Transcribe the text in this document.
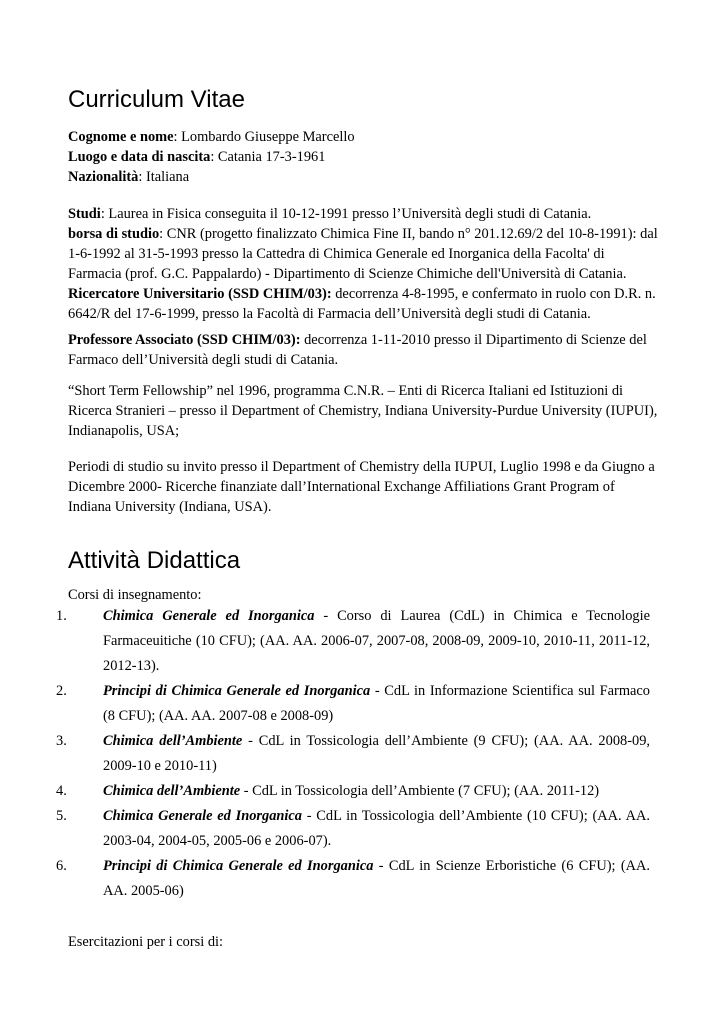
Curriculum Vitae

Cognome e nome: Lombardo Giuseppe Marcello

Luogo e data di nascita: Catania 17-3-1961

Nazionalità: Italiana

Studi: Laurea in Fisica conseguita il 10-12-1991 presso l’Università degli studi di Catania.

borsa di studio: CNR (progetto finalizzato Chimica Fine II, bando n° 201.12.69/2 del 10-8-1991): dal 1-6-1992 al 31-5-1993 presso la Cattedra di Chimica Generale ed Inorganica della Facolta' di Farmacia (prof. G.C. Pappalardo) - Dipartimento di Scienze Chimiche dell'Università di Catania.

Ricercatore Universitario (SSD CHIM/03): decorrenza 4-8-1995, e confermato in ruolo con D.R. n. 6642/R del 17-6-1999, presso la Facoltà di Farmacia dell’Università degli studi di Catania.

Professore Associato (SSD CHIM/03): decorrenza 1-11-2010 presso il Dipartimento di Scienze del Farmaco dell’Università degli studi di Catania.

“Short Term Fellowship” nel 1996, programma C.N.R. – Enti di Ricerca Italiani ed Istituzioni di Ricerca Stranieri – presso il Department of Chemistry, Indiana University-Purdue University (IUPUI), Indianapolis, USA;

Periodi di studio su invito presso il Department of Chemistry della IUPUI, Luglio 1998 e da Giugno a Dicembre 2000- Ricerche finanziate dall’International Exchange Affiliations Grant Program of Indiana University (Indiana, USA).

Attività Didattica

Corsi di insegnamento:

1.	Chimica Generale ed Inorganica - Corso di Laurea (CdL) in Chimica e Tecnologie Farmaceuitiche (10 CFU); (AA. AA. 2006-07, 2007-08, 2008-09, 2009-10, 2010-11, 2011-12, 2012-13).
2.	Principi di Chimica Generale ed Inorganica - CdL in Informazione Scientifica sul Farmaco (8 CFU); (AA. AA. 2007-08 e 2008-09)
3.	Chimica dell’Ambiente - CdL in Tossicologia dell’Ambiente (9 CFU); (AA. AA. 2008-09, 2009-10 e 2010-11)
4.	Chimica dell’Ambiente - CdL in Tossicologia dell’Ambiente (7 CFU); (AA. 2011-12)
5.	Chimica Generale ed Inorganica - CdL in Tossicologia dell’Ambiente (10 CFU); (AA. AA. 2003-04, 2004-05, 2005-06 e 2006-07).
6.	Principi di Chimica Generale ed Inorganica - CdL in Scienze Erboristiche (6 CFU); (AA. AA. 2005-06)

Esercitazioni per i corsi di:
